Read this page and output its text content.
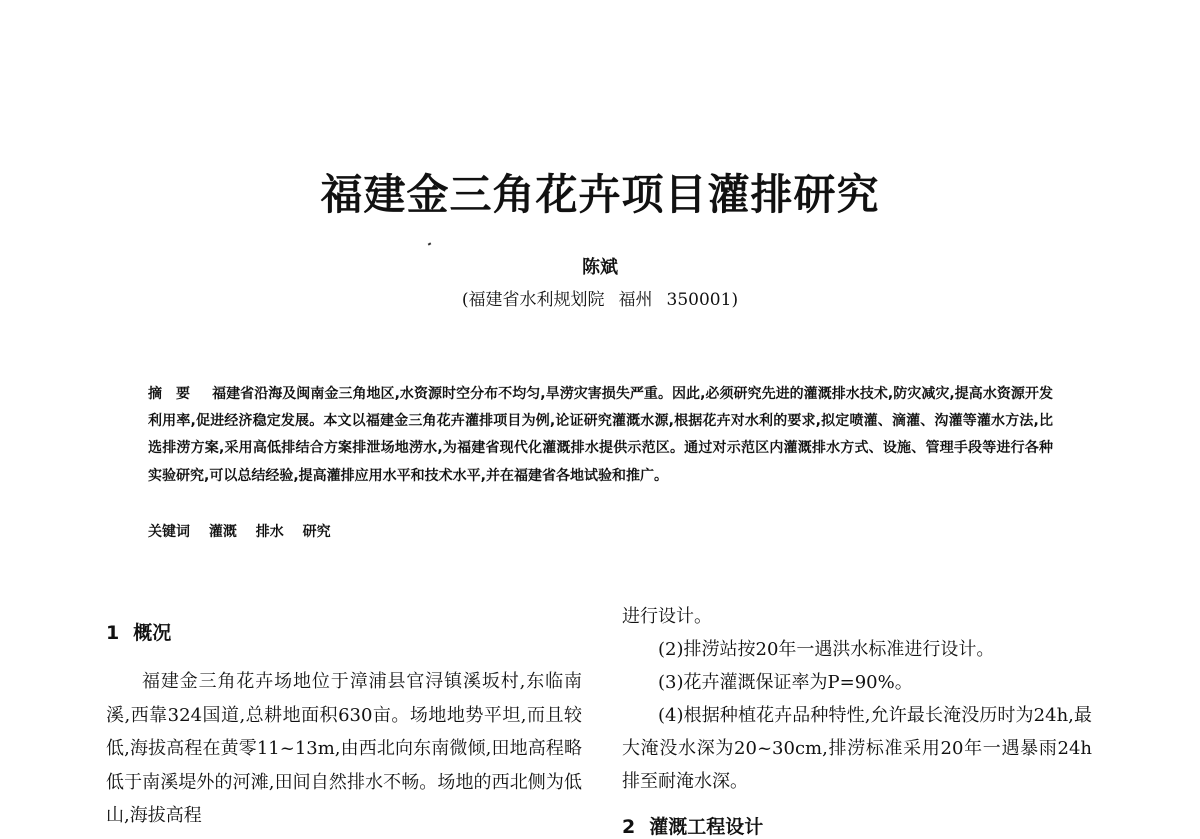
福建金三角花卉项目灌排研究
陈斌
(福建省水利规划院 福州 350001)
摘要 福建省沿海及闽南金三角地区,水资源时空分布不均匀,旱涝灾害损失严重。因此,必须研究先进的灌溉排水技术,防灾减灾,提高水资源开发利用率,促进经济稳定发展。本文以福建金三角花卉灌排项目为例,论证研究灌溉水源,根据花卉对水利的要求,拟定喷灌、滴灌、沟灌等灌水方法,比选排涝方案,采用高低排结合方案排泄场地涝水,为福建省现代化灌溉排水提供示范区。通过对示范区内灌溉排水方式、设施、管理手段等进行各种实验研究,可以总结经验,提高灌排应用水平和技术水平,并在福建省各地试验和推广。
关键词 灌溉 排水 研究
1 概况

福建金三角花卉场地位于漳浦县官浔镇溪坂村,东临南溪,西靠324国道,总耕地面积630亩。场地地势平坦,而且较低,海拔高程在黄零11~13m,由西北向东南微倾,田地高程略低于南溪堤外的河滩,田间自然排水不畅。场地的西北侧为低山,海拔高程

进行设计。

(2)排涝站按20年一遇洪水标准进行设计。

(3)花卉灌溉保证率为P=90%。

(4)根据种植花卉品种特性,允许最长淹没历时为24h,最大淹没水深为20~30cm,排涝标准采用20年一遇暴雨24h排至耐淹水深。

2 灌溉工程设计
